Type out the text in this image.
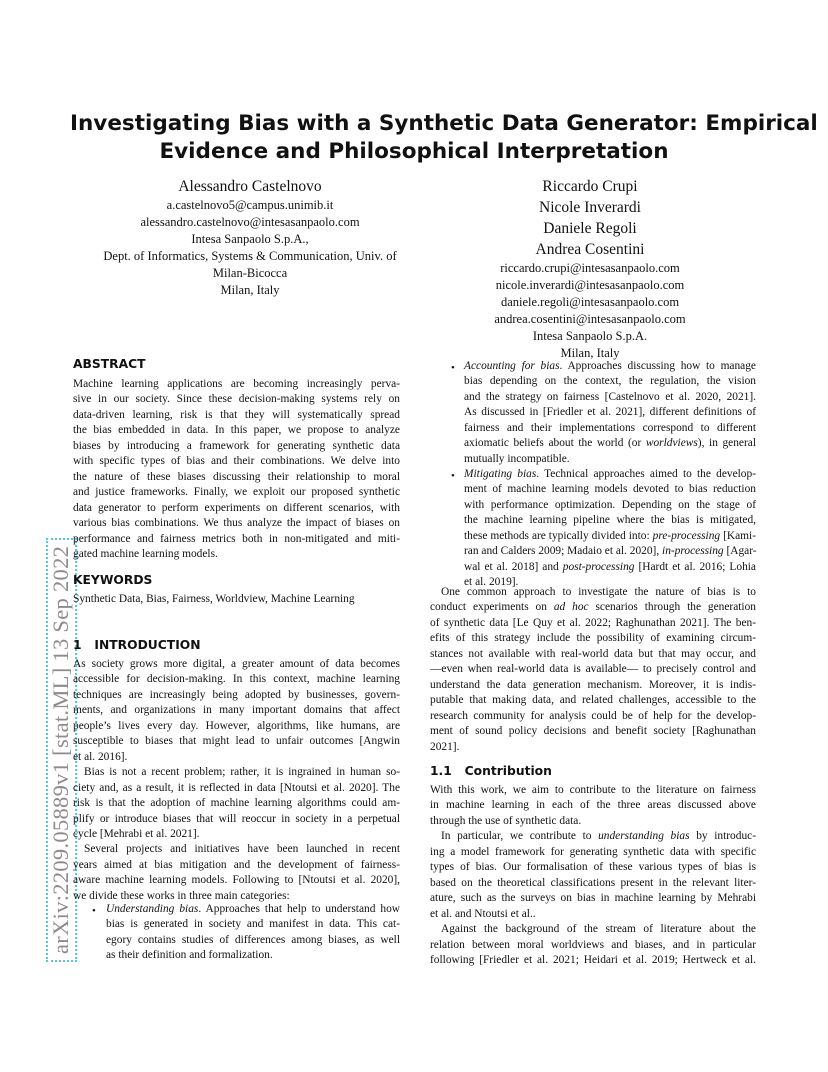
Investigating Bias with a Synthetic Data Generator: Empirical
Evidence and Philosophical Interpretation
Alessandro Castelnovo
a.castelnovo5@campus.unimib.it
alessandro.castelnovo@intesasanpaolo.com
Intesa Sanpaolo S.p.A.,
Dept. of Informatics, Systems & Communication, Univ. of
Milan-Bicocca
Milan, Italy
Riccardo Crupi
Nicole Inverardi
Daniele Regoli
Andrea Cosentini
riccardo.crupi@intesasanpaolo.com
nicole.inverardi@intesasanpaolo.com
daniele.regoli@intesasanpaolo.com
andrea.cosentini@intesasanpaolo.com
Intesa Sanpaolo S.p.A.
Milan, Italy
arXiv:2209.05889v1 [stat.ML] 13 Sep 2022
ABSTRACT
Machine learning applications are becoming increasingly perva-
sive in our society. Since these decision-making systems rely on
data-driven learning, risk is that they will systematically spread
the bias embedded in data. In this paper, we propose to analyze
biases by introducing a framework for generating synthetic data
with specific types of bias and their combinations. We delve into
the nature of these biases discussing their relationship to moral
and justice frameworks. Finally, we exploit our proposed synthetic
data generator to perform experiments on different scenarios, with
various bias combinations. We thus analyze the impact of biases on
performance and fairness metrics both in non-mitigated and miti-
gated machine learning models.
KEYWORDS
Synthetic Data, Bias, Fairness, Worldview, Machine Learning
1 INTRODUCTION
As society grows more digital, a greater amount of data becomes
accessible for decision-making. In this context, machine learning
techniques are increasingly being adopted by businesses, govern-
ments, and organizations in many important domains that affect
people’s lives every day. However, algorithms, like humans, are
susceptible to biases that might lead to unfair outcomes [Angwin
et al. 2016].
Bias is not a recent problem; rather, it is ingrained in human so-
ciety and, as a result, it is reflected in data [Ntoutsi et al. 2020]. The
risk is that the adoption of machine learning algorithms could am-
plify or introduce biases that will reoccur in society in a perpetual
cycle [Mehrabi et al. 2021].
Several projects and initiatives have been launched in recent
years aimed at bias mitigation and the development of fairness-
aware machine learning models. Following to [Ntoutsi et al. 2020],
we divide these works in three main categories:
• Understanding bias. Approaches that help to understand how
bias is generated in society and manifest in data. This cat-
egory contains studies of differences among biases, as well
as their definition and formalization.
• Accounting for bias. Approaches discussing how to manage
bias depending on the context, the regulation, the vision
and the strategy on fairness [Castelnovo et al. 2020, 2021].
As discussed in [Friedler et al. 2021], different definitions of
fairness and their implementations correspond to different
axiomatic beliefs about the world (or worldviews), in general
mutually incompatible.
• Mitigating bias. Technical approaches aimed to the develop-
ment of machine learning models devoted to bias reduction
with performance optimization. Depending on the stage of
the machine learning pipeline where the bias is mitigated,
these methods are typically divided into: pre-processing [Kami-
ran and Calders 2009; Madaio et al. 2020], in-processing [Agar-
wal et al. 2018] and post-processing [Hardt et al. 2016; Lohia
et al. 2019].
One common approach to investigate the nature of bias is to
conduct experiments on ad hoc scenarios through the generation
of synthetic data [Le Quy et al. 2022; Raghunathan 2021]. The ben-
efits of this strategy include the possibility of examining circum-
stances not available with real-world data but that may occur, and
—even when real-world data is available— to precisely control and
understand the data generation mechanism. Moreover, it is indis-
putable that making data, and related challenges, accessible to the
research community for analysis could be of help for the develop-
ment of sound policy decisions and benefit society [Raghunathan
2021].
1.1 Contribution
With this work, we aim to contribute to the literature on fairness
in machine learning in each of the three areas discussed above
through the use of synthetic data.
In particular, we contribute to understanding bias by introduc-
ing a model framework for generating synthetic data with specific
types of bias. Our formalisation of these various types of bias is
based on the theoretical classifications present in the relevant liter-
ature, such as the surveys on bias in machine learning by Mehrabi
et al. and Ntoutsi et al..
Against the background of the stream of literature about the
relation between moral worldviews and biases, and in particular
following [Friedler et al. 2021; Heidari et al. 2019; Hertweck et al.
